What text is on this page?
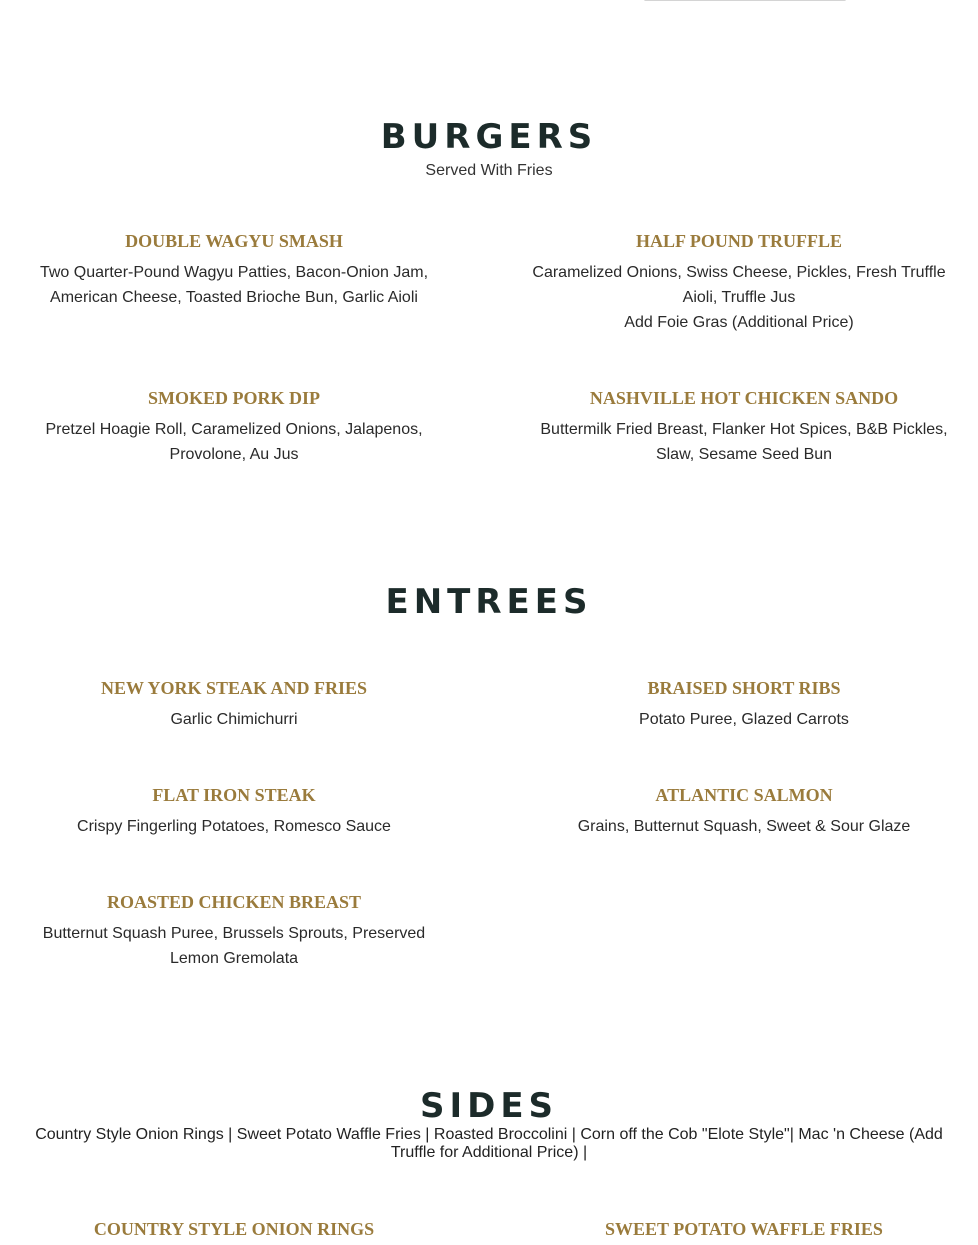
BURGERS

Served With Fries

DOUBLE WAGYU SMASH

Two Quarter-Pound Wagyu Patties, Bacon-Onion Jam,

American Cheese, Toasted Brioche Bun, Garlic Aioli

HALF POUND TRUFFLE

Caramelized Onions, Swiss Cheese, Pickles, Fresh Truffle

Aioli, Truffle Jus

Add Foie Gras (Additional Price)

SMOKED PORK DIP

Pretzel Hoagie Roll, Caramelized Onions, Jalapenos,

Provolone, Au Jus

NASHVILLE HOT CHICKEN SANDO

Buttermilk Fried Breast, Flanker Hot Spices, B&B Pickles,

Slaw, Sesame Seed Bun

ENTREES

NEW YORK STEAK AND FRIES

Garlic Chimichurri

BRAISED SHORT RIBS

Potato Puree, Glazed Carrots

FLAT IRON STEAK

Crispy Fingerling Potatoes, Romesco Sauce

ATLANTIC SALMON

Grains, Butternut Squash, Sweet & Sour Glaze

ROASTED CHICKEN BREAST

Butternut Squash Puree, Brussels Sprouts, Preserved

Lemon Gremolata

SIDES

Country Style Onion Rings | Sweet Potato Waffle Fries | Roasted Broccolini | Corn off the Cob "Elote Style"| Mac 'n Cheese (Add

Truffle for Additional Price) |

COUNTRY STYLE ONION RINGS	SWEET POTATO WAFFLE FRIES
